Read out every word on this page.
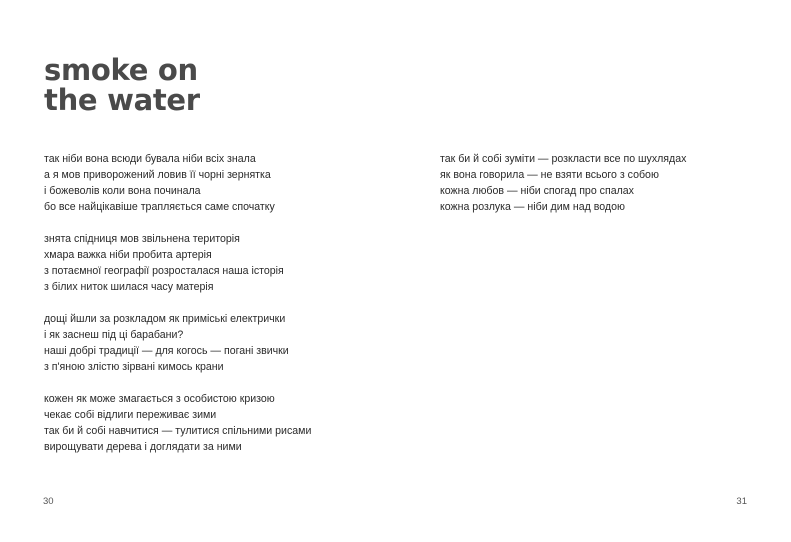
smoke on
the water

так ніби вона всюди бувала ніби всіх знала
а я мов приворожений ловив її чорні зернятка
і божеволів коли вона починала
бо все найцікавіше трапляється саме спочатку

знята спідниця мов звільнена територія
хмара важка ніби пробита артерія
з потаємної географії розросталася наша історія
з білих ниток шилася часу матерія

дощі йшли за розкладом як приміські електрички
і як заснеш під ці барабани?
наші добрі традиції — для когось — погані звички
з п'яною злістю зірвані кимось крани

кожен як може змагається з особистою кризою
чекає собі відлиги переживає зими
так би й собі навчитися — тулитися спільними рисами
вирощувати дерева і доглядати за ними

30

так би й собі зуміти — розкласти все по шухлядах
як вона говорила — не взяти всього з собою
кожна любов — ніби спогад про спалах
кожна розлука — ніби дим над водою

31
